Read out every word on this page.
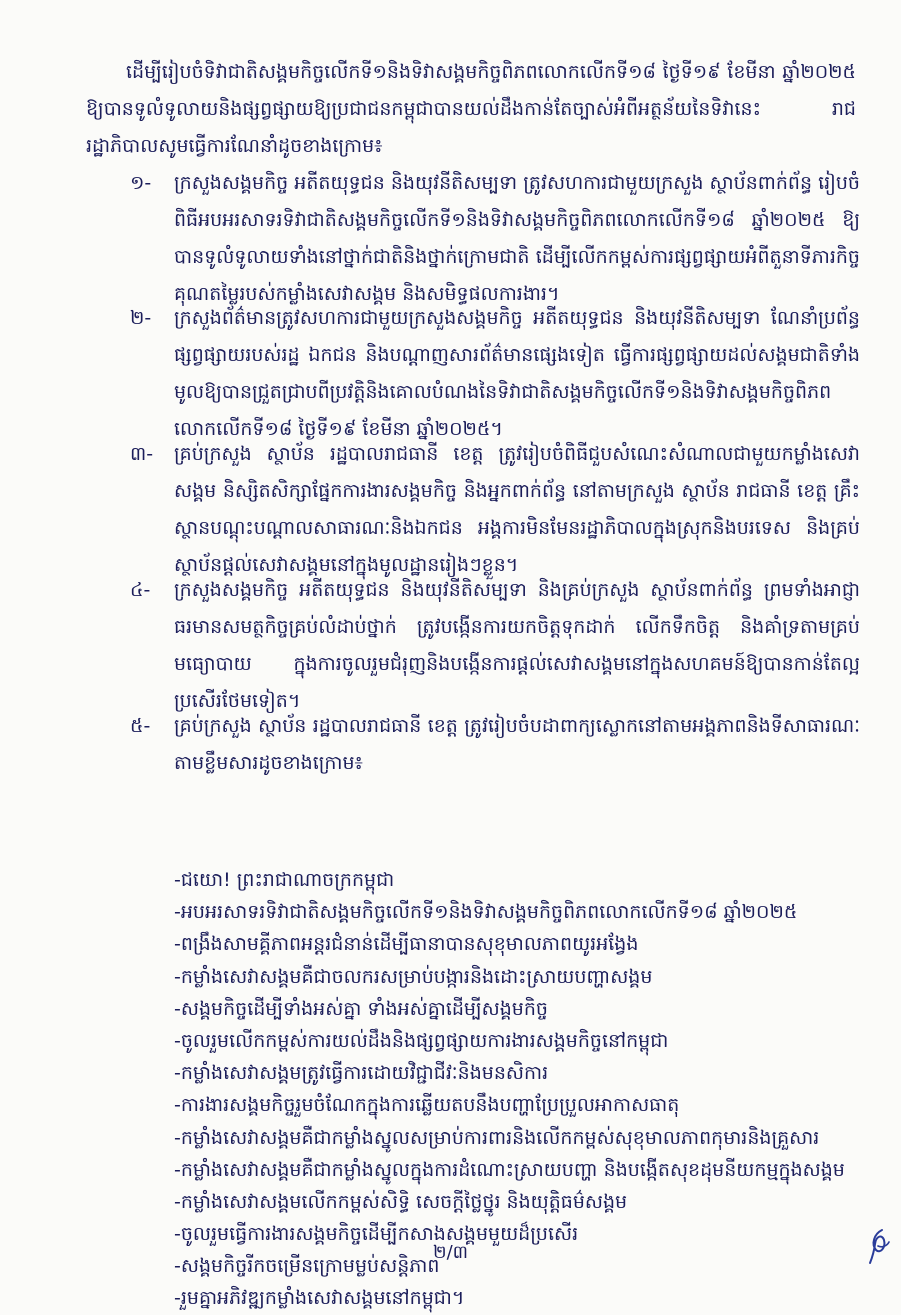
ដើម្បីរៀបចំទិវាជាតិសង្គមកិច្ចលើកទី១និងទិវាសង្គមកិច្ចពិភពលោកលើកទី១៨ ថ្ងៃទី១៩ ខែមីនា ឆ្នាំ២០២៥ ឱ្យបានទូលំទូលាយនិងផ្សព្វផ្សាយឱ្យប្រជាជនកម្ពុជាបានយល់ដឹងកាន់តែច្បាស់អំពីអត្ថន័យនៃទិវានេះ រាជរដ្ឋាភិបាលសូមធ្វើការណែនាំដូចខាងក្រោម៖

១-	ក្រសួងសង្គមកិច្ច អតីតយុទ្ធជន និងយុវនីតិសម្បទា ត្រូវសហការជាមួយក្រសួង ស្ថាប័នពាក់ព័ន្ធ រៀបចំពិធីអបអរសាទរទិវាជាតិសង្គមកិច្ចលើកទី១និងទិវាសង្គមកិច្ចពិភពលោកលើកទី១៨ ឆ្នាំ២០២៥ ឱ្យបានទូលំទូលាយទាំងនៅថ្នាក់ជាតិនិងថ្នាក់ក្រោមជាតិ ដើម្បីលើកកម្ពស់ការផ្សព្វផ្សាយអំពីតួនាទីភារកិច្ច គុណតម្លៃរបស់កម្លាំងសេវាសង្គម និងសមិទ្ធផលការងារ។
២-	ក្រសួងព័ត៌មានត្រូវសហការជាមួយក្រសួងសង្គមកិច្ច អតីតយុទ្ធជន និងយុវនីតិសម្បទា ណែនាំប្រព័ន្ធផ្សព្វផ្សាយរបស់រដ្ឋ ឯកជន និងបណ្តាញសារព័ត៌មានផ្សេងទៀត ធ្វើការផ្សព្វផ្សាយដល់សង្គមជាតិទាំងមូលឱ្យបានជ្រួតជ្រាបពីប្រវត្តិនិងគោលបំណងនៃទិវាជាតិសង្គមកិច្ចលើកទី១និងទិវាសង្គមកិច្ចពិភពលោកលើកទី១៨ ថ្ងៃទី១៩ ខែមីនា ឆ្នាំ២០២៥។
៣-	គ្រប់ក្រសួង ស្ថាប័ន រដ្ឋបាលរាជធានី ខេត្ត ត្រូវរៀបចំពិធីជួបសំណេះសំណាលជាមួយកម្លាំងសេវាសង្គម និស្សិតសិក្សាផ្នែកការងារសង្គមកិច្ច និងអ្នកពាក់ព័ន្ធ នៅតាមក្រសួង ស្ថាប័ន រាជធានី ខេត្ត គ្រឹះស្ថានបណ្តុះបណ្តាលសាធារណៈនិងឯកជន អង្គការមិនមែនរដ្ឋាភិបាលក្នុងស្រុកនិងបរទេស និងគ្រប់ស្ថាប័នផ្តល់សេវាសង្គមនៅក្នុងមូលដ្ឋានរៀងៗខ្លួន។
៤-	ក្រសួងសង្គមកិច្ច អតីតយុទ្ធជន និងយុវនីតិសម្បទា និងគ្រប់ក្រសួង ស្ថាប័នពាក់ព័ន្ធ ព្រមទាំងអាជ្ញាធរមានសមត្ថកិច្ចគ្រប់លំដាប់ថ្នាក់ ត្រូវបង្កើនការយកចិត្តទុកដាក់ លើកទឹកចិត្ត និងគាំទ្រតាមគ្រប់មធ្យោបាយ ក្នុងការចូលរួមជំរុញនិងបង្កើនការផ្តល់សេវាសង្គមនៅក្នុងសហគមន៍ឱ្យបានកាន់តែល្អប្រសើរថែមទៀត។
៥-	គ្រប់ក្រសួង ស្ថាប័ន រដ្ឋបាលរាជធានី ខេត្ត ត្រូវរៀបចំបដាពាក្យស្លោកនៅតាមអង្គភាពនិងទីសាធារណៈតាមខ្លឹមសារដូចខាងក្រោម៖
-ជយោ! ព្រះរាជាណាចក្រកម្ពុជា
-អបអរសាទរទិវាជាតិសង្គមកិច្ចលើកទី១និងទិវាសង្គមកិច្ចពិភពលោកលើកទី១៨ ឆ្នាំ២០២៥
-ពង្រឹងសាមគ្គីភាពអន្តរជំនាន់ដើម្បីធានាបានសុខុមាលភាពយូរអង្វែង
-កម្លាំងសេវាសង្គមគឺជាចលករសម្រាប់បង្ការនិងដោះស្រាយបញ្ហាសង្គម
-សង្គមកិច្ចដើម្បីទាំងអស់គ្នា ទាំងអស់គ្នាដើម្បីសង្គមកិច្ច
-ចូលរួមលើកកម្ពស់ការយល់ដឹងនិងផ្សព្វផ្សាយការងារសង្គមកិច្ចនៅកម្ពុជា
-កម្លាំងសេវាសង្គមត្រូវធ្វើការដោយវិជ្ជាជីវៈនិងមនសិការ
-ការងារសង្គមកិច្ចរួមចំណែកក្នុងការឆ្លើយតបនឹងបញ្ហាប្រែប្រួលអាកាសធាតុ
-កម្លាំងសេវាសង្គមគឺជាកម្លាំងស្នូលសម្រាប់ការពារនិងលើកកម្ពស់សុខុមាលភាពកុមារនិងគ្រួសារ
-កម្លាំងសេវាសង្គមគឺជាកម្លាំងស្នូលក្នុងការដំណោះស្រាយបញ្ហា និងបង្កើតសុខដុមនីយកម្មក្នុងសង្គម
-កម្លាំងសេវាសង្គមលើកកម្ពស់សិទ្ធិ សេចក្តីថ្លៃថ្នូរ និងយុត្តិធម៌សង្គម
-ចូលរួមធ្វើការងារសង្គមកិច្ចដើម្បីកសាងសង្គមមួយដ៏ប្រសើរ
-សង្គមកិច្ចរីកចម្រើនក្រោមម្លប់សន្តិភាព
-រួមគ្នាអភិវឌ្ឍកម្លាំងសេវាសង្គមនៅកម្ពុជា។
២/៣
